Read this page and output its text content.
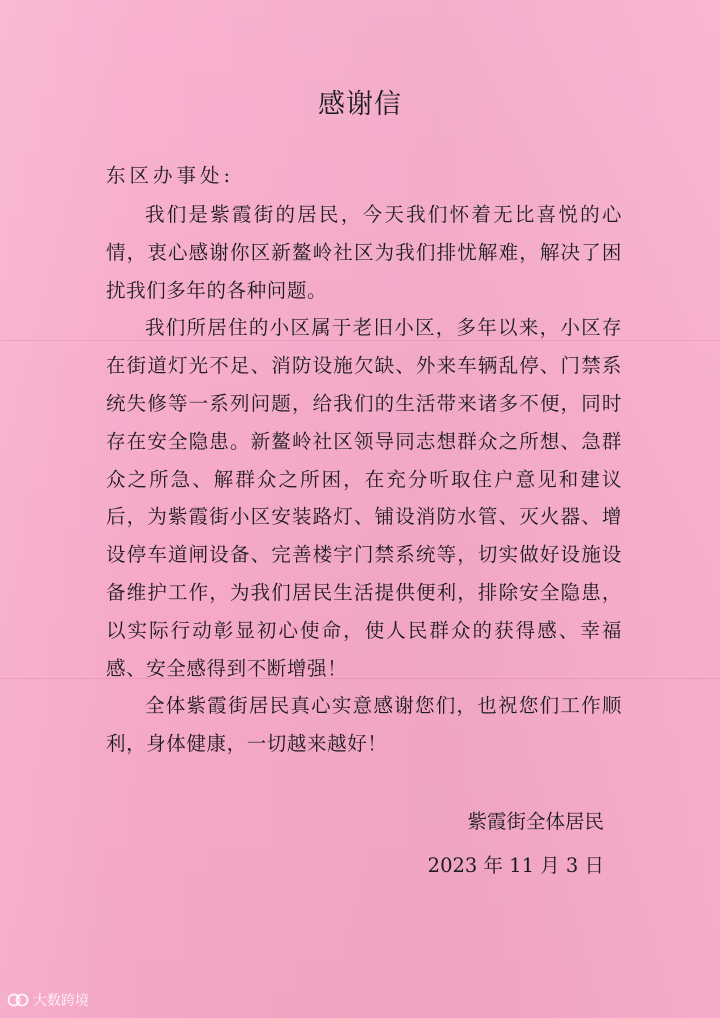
感谢信
东区办事处:

我们是紫霞街的居民，今天我们怀着无比喜悦的心情，衷心感谢你区新鳌岭社区为我们排忧解难，解决了困扰我们多年的各种问题。

我们所居住的小区属于老旧小区，多年以来，小区存在街道灯光不足、消防设施欠缺、外来车辆乱停、门禁系统失修等一系列问题，给我们的生活带来诸多不便，同时存在安全隐患。新鳌岭社区领导同志想群众之所想、急群众之所急、解群众之所困，在充分听取住户意见和建议后，为紫霞街小区安装路灯、铺设消防水管、灭火器、增设停车道闸设备、完善楼宇门禁系统等，切实做好设施设备维护工作，为我们居民生活提供便利，排除安全隐患，以实际行动彰显初心使命，使人民群众的获得感、幸福感、安全感得到不断增强！

全体紫霞街居民真心实意感谢您们，也祝您们工作顺利，身体健康，一切越来越好！

紫霞街全体居民
2023 年 11 月 3 日
大数跨境
